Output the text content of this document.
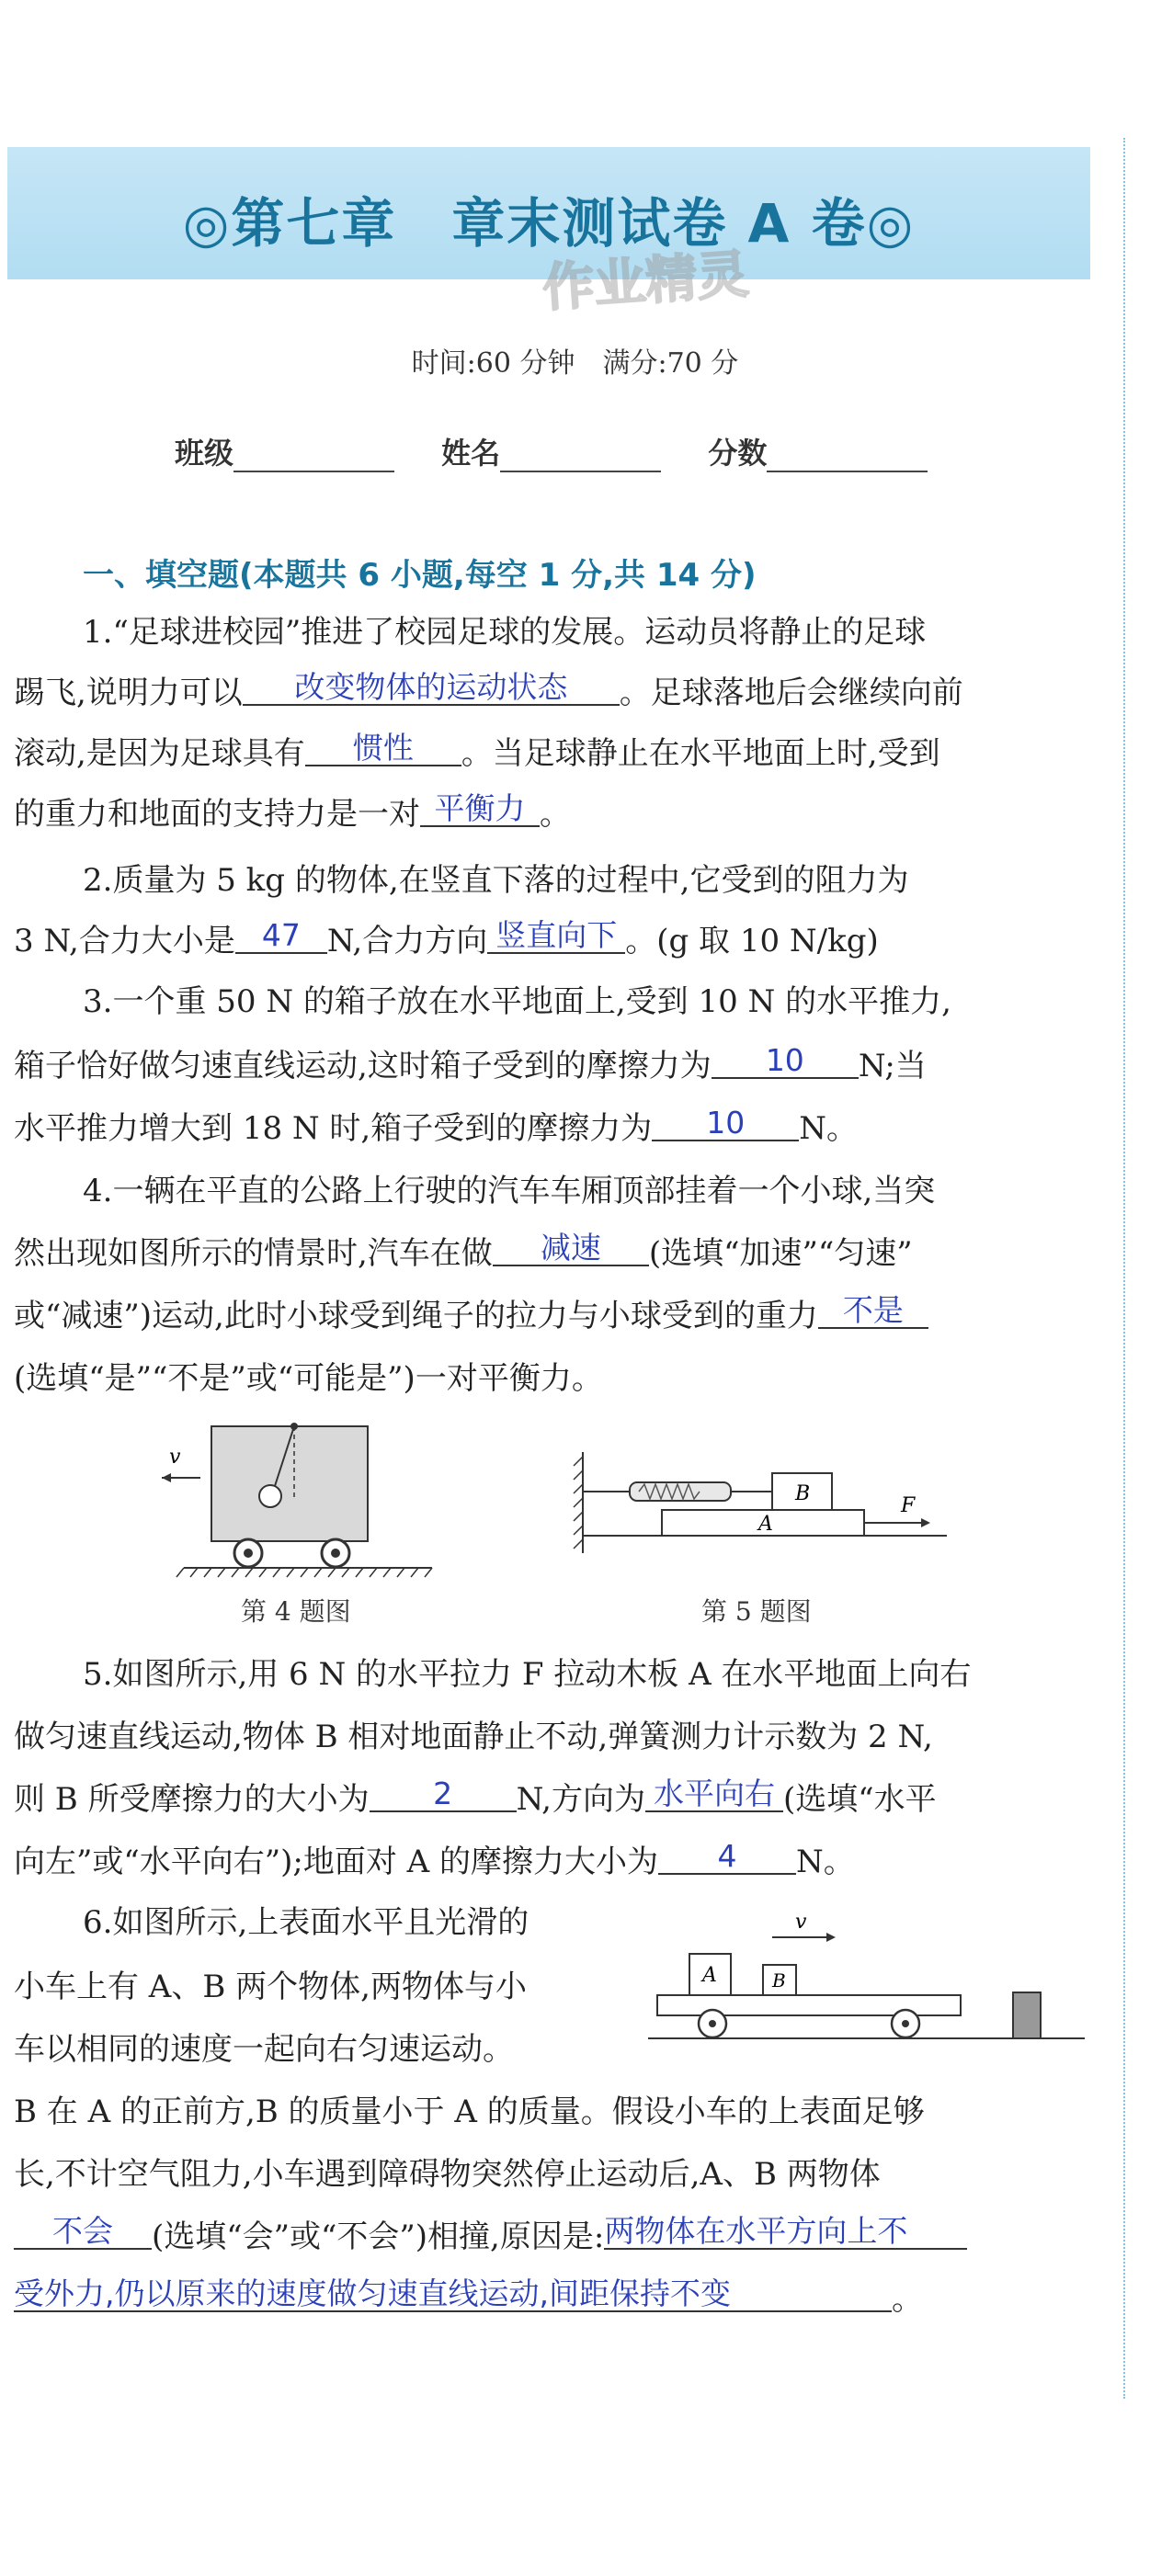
◎第七章　章末测试卷 A 卷◎
作业精灵
时间:60 分钟　满分:70 分
班级	姓名	分数
一、填空题(本题共 6 小题,每空 1 分,共 14 分)
1.“足球进校园”推进了校园足球的发展。运动员将静止的足球
踢飞,说明力可以 改变物体的运动状态 。足球落地后会继续向前
滚动,是因为足球具有 惯性 。当足球静止在水平地面上时,受到
的重力和地面的支持力是一对 平衡力 。
2.质量为 5 kg 的物体,在竖直下落的过程中,它受到的阻力为
3 N,合力大小是 47 N,合力方向 竖直向下 。(g 取 10 N/kg)
3.一个重 50 N 的箱子放在水平地面上,受到 10 N 的水平推力,
箱子恰好做匀速直线运动,这时箱子受到的摩擦力为 10 N;当
水平推力增大到 18 N 时,箱子受到的摩擦力为 10 N。
4.一辆在平直的公路上行驶的汽车车厢顶部挂着一个小球,当突
然出现如图所示的情景时,汽车在做 减速 (选填“加速”“匀速”
或“减速”)运动,此时小球受到绳子的拉力与小球受到的重力 不是
(选填“是”“不是”或“可能是”)一对平衡力。
v
第 4 题图
B
A
F
第 5 题图
5.如图所示,用 6 N 的水平拉力 F 拉动木板 A 在水平地面上向右
做匀速直线运动,物体 B 相对地面静止不动,弹簧测力计示数为 2 N,
则 B 所受摩擦力的大小为 2 N,方向为 水平向右 (选填“水平
向左”或“水平向右”);地面对 A 的摩擦力大小为 4 N。
6.如图所示,上表面水平且光滑的
小车上有 A、B 两个物体,两物体与小
车以相同的速度一起向右匀速运动。
v
A	B
B 在 A 的正前方,B 的质量小于 A 的质量。假设小车的上表面足够
长,不计空气阻力,小车遇到障碍物突然停止运动后,A、B 两物体
不会 (选填“会”或“不会”)相撞,原因是:两物体在水平方向上不
受外力,仍以原来的速度做匀速直线运动,间距保持不变	。
